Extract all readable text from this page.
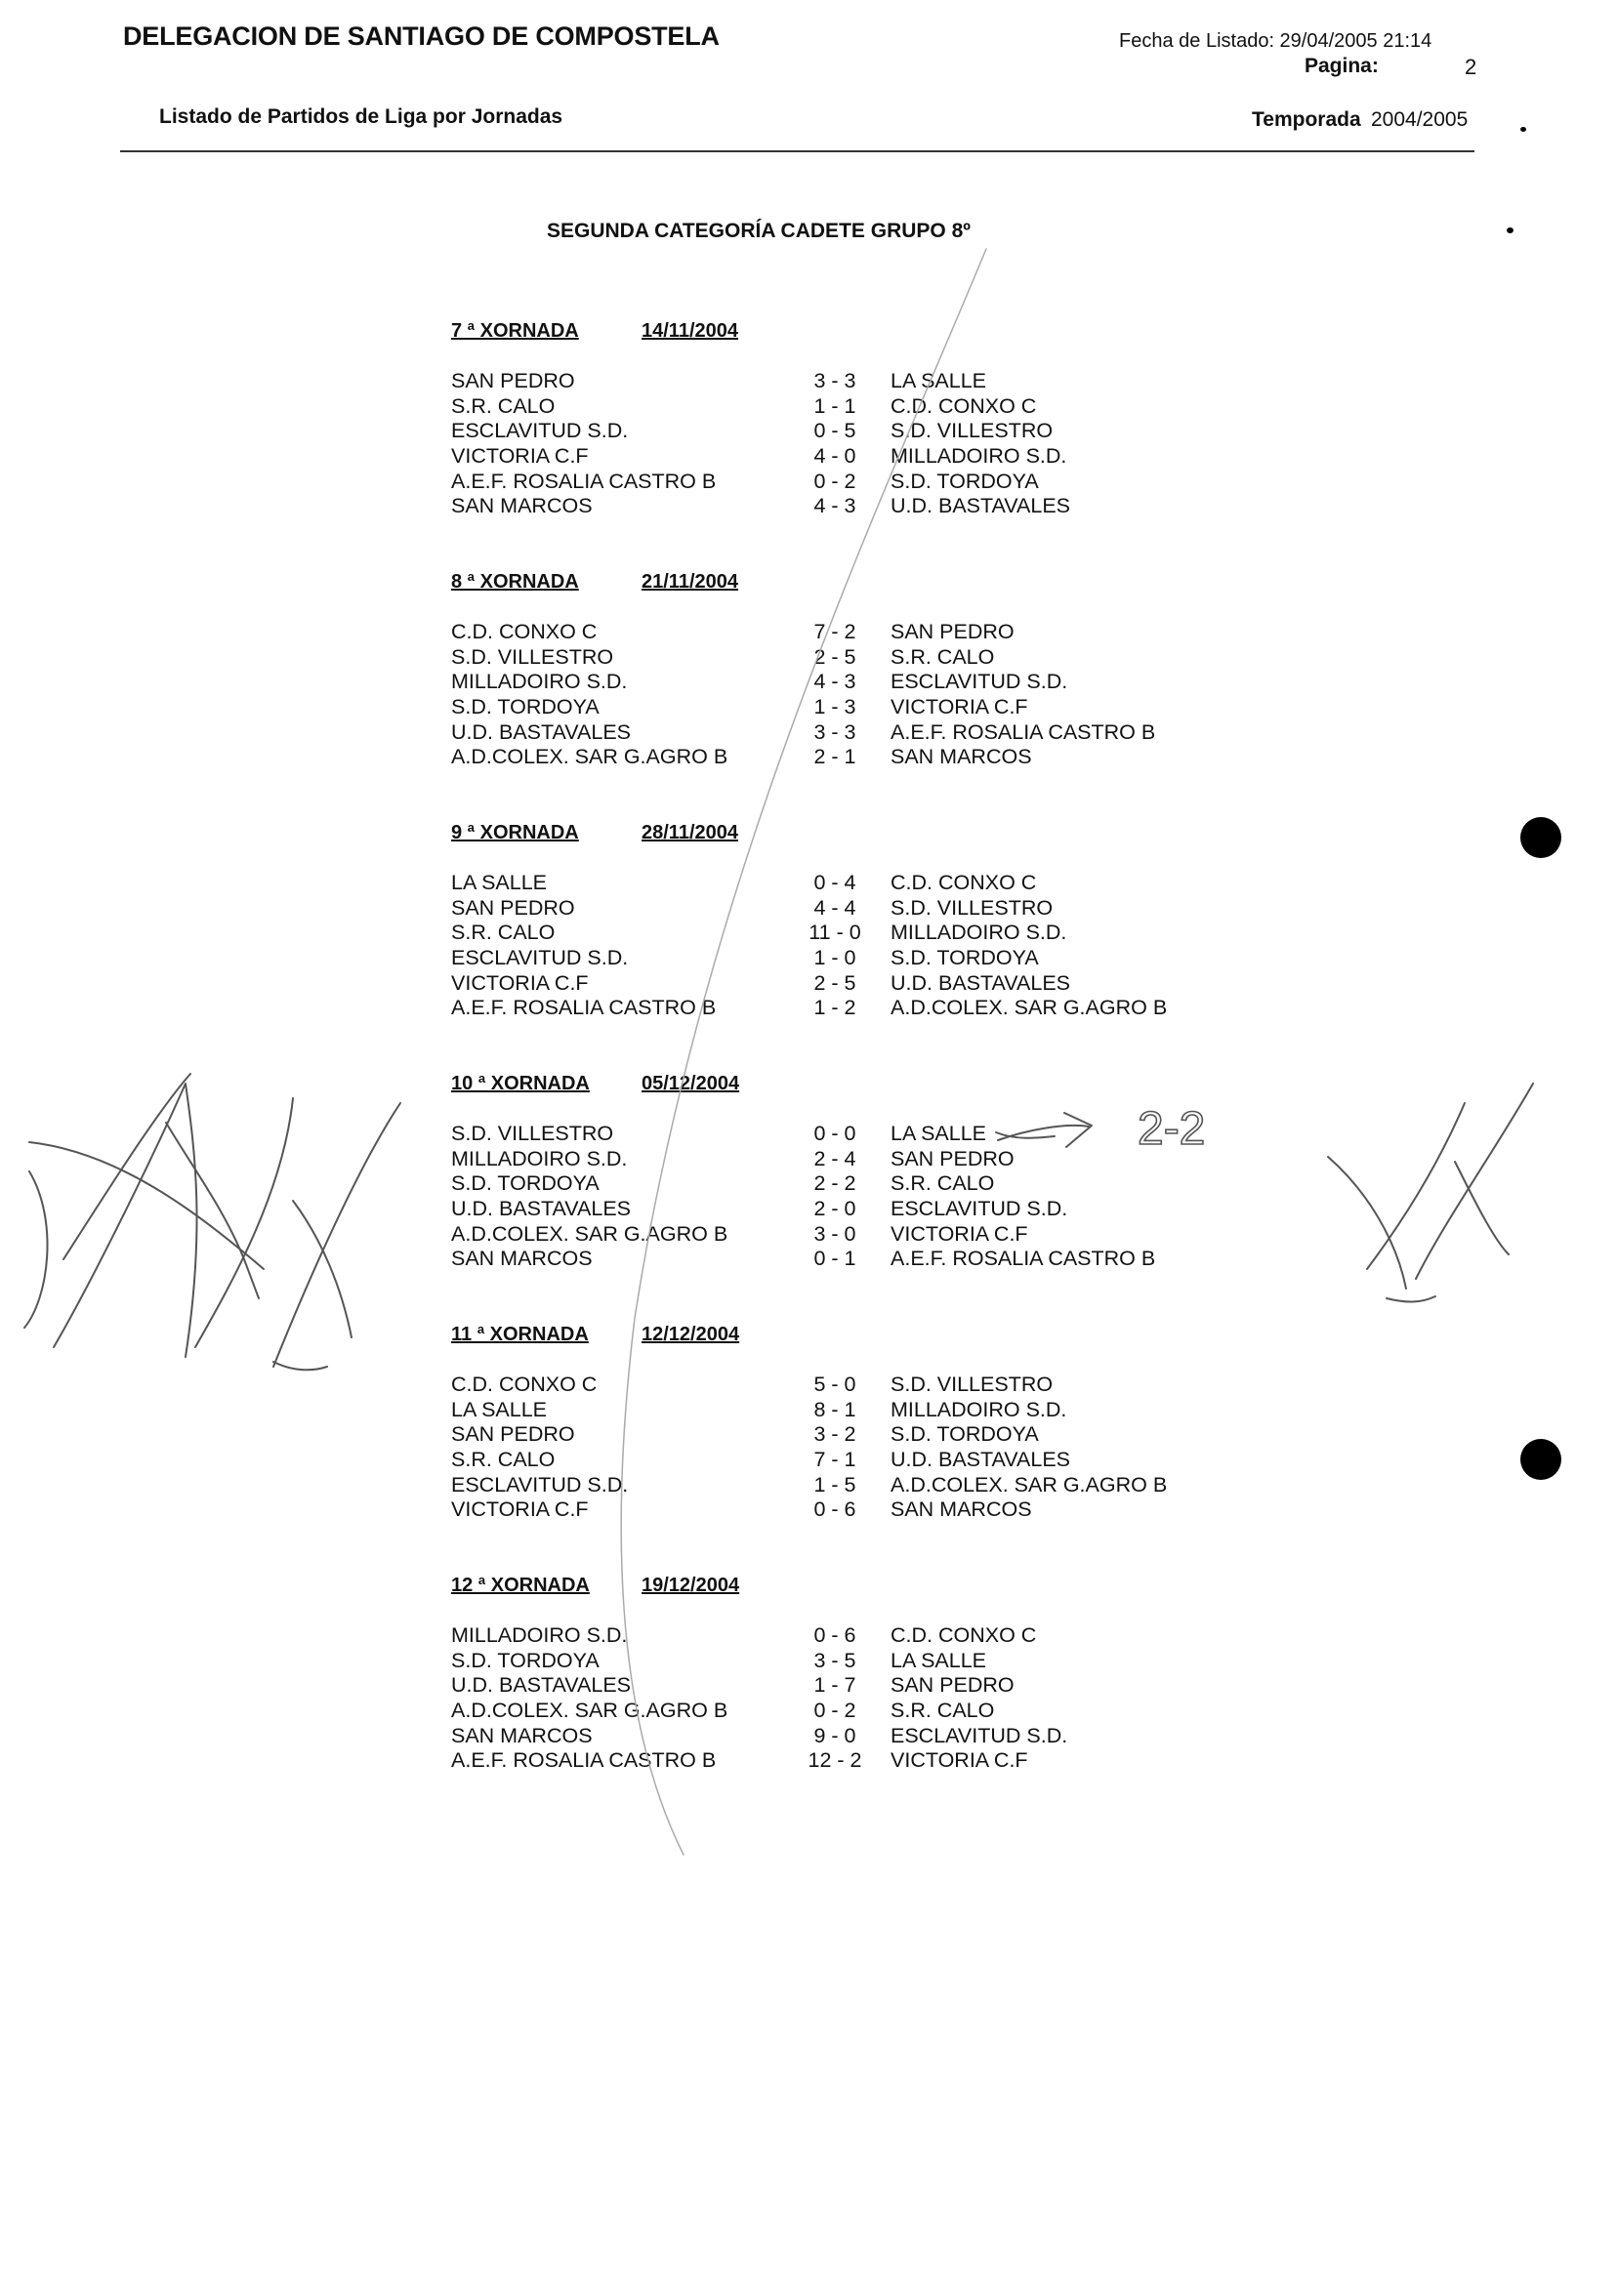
DELEGACION DE SANTIAGO DE COMPOSTELA	Fecha de Listado: 29/04/2005 21:14
Pagina:	2
Listado de Partidos de Liga por Jornadas	Temporada 2004/2005
SEGUNDA CATEGORÍA CADETE GRUPO 8º
7 ª XORNADA	14/11/2004
SAN PEDRO	3 - 3	LA SALLE
S.R. CALO	1 - 1	C.D. CONXO C
ESCLAVITUD S.D.	0 - 5	S.D. VILLESTRO
VICTORIA C.F	4 - 0	MILLADOIRO S.D.
A.E.F. ROSALIA CASTRO B	0 - 2	S.D. TORDOYA
SAN MARCOS	4 - 3	U.D. BASTAVALES
8 ª XORNADA	21/11/2004
C.D. CONXO C	7 - 2	SAN PEDRO
S.D. VILLESTRO	2 - 5	S.R. CALO
MILLADOIRO S.D.	4 - 3	ESCLAVITUD S.D.
S.D. TORDOYA	1 - 3	VICTORIA C.F
U.D. BASTAVALES	3 - 3	A.E.F. ROSALIA CASTRO B
A.D.COLEX. SAR G.AGRO B	2 - 1	SAN MARCOS
9 ª XORNADA	28/11/2004
LA SALLE	0 - 4	C.D. CONXO C
SAN PEDRO	4 - 4	S.D. VILLESTRO
S.R. CALO	11 - 0	MILLADOIRO S.D.
ESCLAVITUD S.D.	1 - 0	S.D. TORDOYA
VICTORIA C.F	2 - 5	U.D. BASTAVALES
A.E.F. ROSALIA CASTRO B	1 - 2	A.D.COLEX. SAR G.AGRO B
10 ª XORNADA	05/12/2004
S.D. VILLESTRO	0 - 0	LA SALLE
MILLADOIRO S.D.	2 - 4	SAN PEDRO
S.D. TORDOYA	2 - 2	S.R. CALO
U.D. BASTAVALES	2 - 0	ESCLAVITUD S.D.
A.D.COLEX. SAR G.AGRO B	3 - 0	VICTORIA C.F
SAN MARCOS	0 - 1	A.E.F. ROSALIA CASTRO B
11 ª XORNADA	12/12/2004
C.D. CONXO C	5 - 0	S.D. VILLESTRO
LA SALLE	8 - 1	MILLADOIRO S.D.
SAN PEDRO	3 - 2	S.D. TORDOYA
S.R. CALO	7 - 1	U.D. BASTAVALES
ESCLAVITUD S.D.	1 - 5	A.D.COLEX. SAR G.AGRO B
VICTORIA C.F	0 - 6	SAN MARCOS
12 ª XORNADA	19/12/2004
MILLADOIRO S.D.	0 - 6	C.D. CONXO C
S.D. TORDOYA	3 - 5	LA SALLE
U.D. BASTAVALES	1 - 7	SAN PEDRO
A.D.COLEX. SAR G.AGRO B	0 - 2	S.R. CALO
SAN MARCOS	9 - 0	ESCLAVITUD S.D.
A.E.F. ROSALIA CASTRO B	12 - 2	VICTORIA C.F
2-2
